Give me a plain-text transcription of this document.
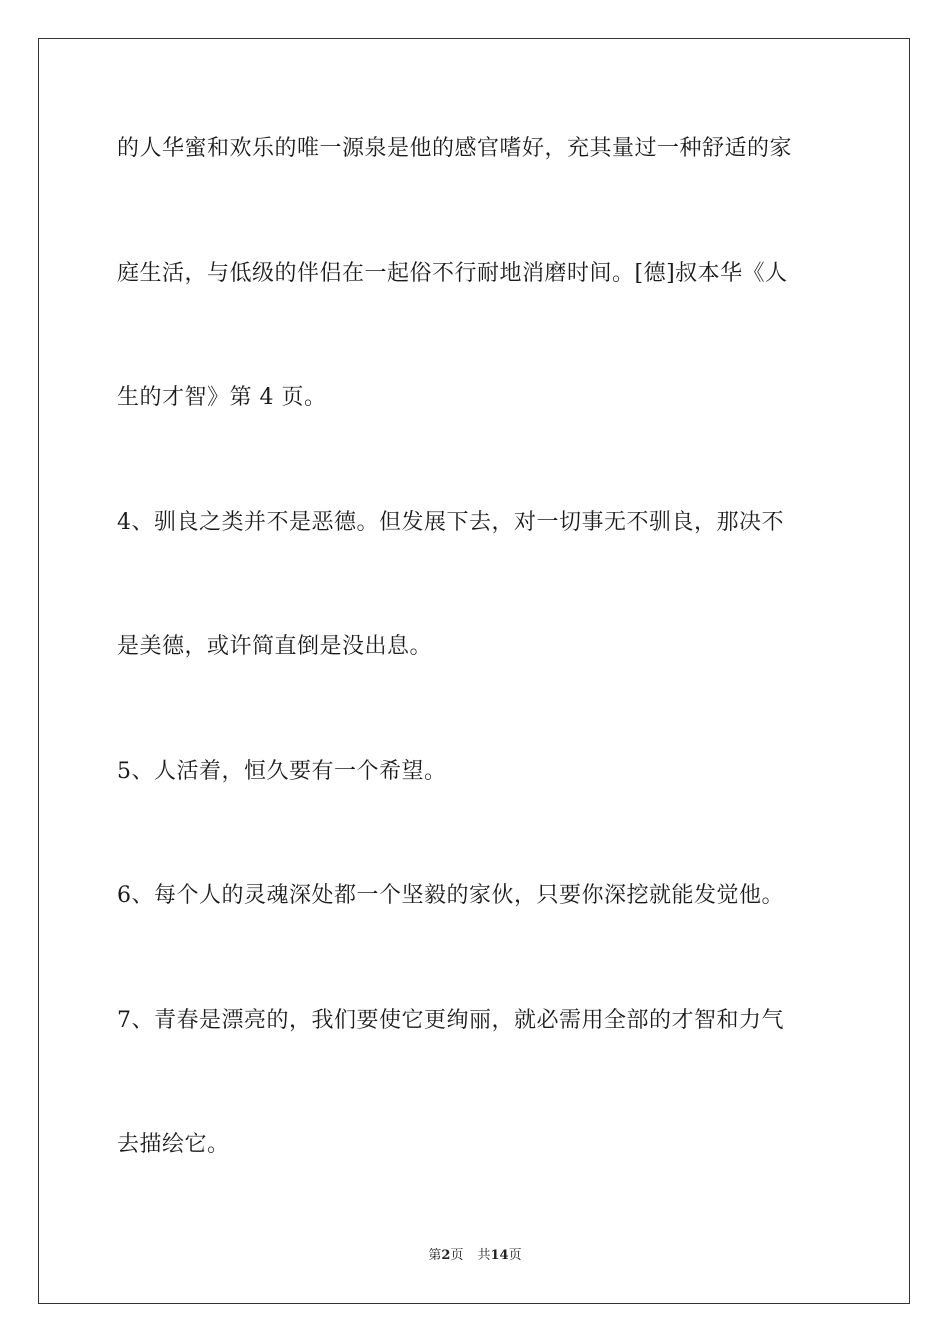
的人华蜜和欢乐的唯一源泉是他的感官嗜好，充其量过一种舒适的家
庭生活，与低级的伴侣在一起俗不行耐地消磨时间。[德]叔本华《人
生的才智》第 4 页。
4、驯良之类并不是恶德。但发展下去，对一切事无不驯良，那决不
是美德，或许简直倒是没出息。
5、人活着，恒久要有一个希望。
6、每个人的灵魂深处都一个坚毅的家伙，只要你深挖就能发觉他。
7、青春是漂亮的，我们要使它更绚丽，就必需用全部的才智和力气
去描绘它。
第2页 共14页
